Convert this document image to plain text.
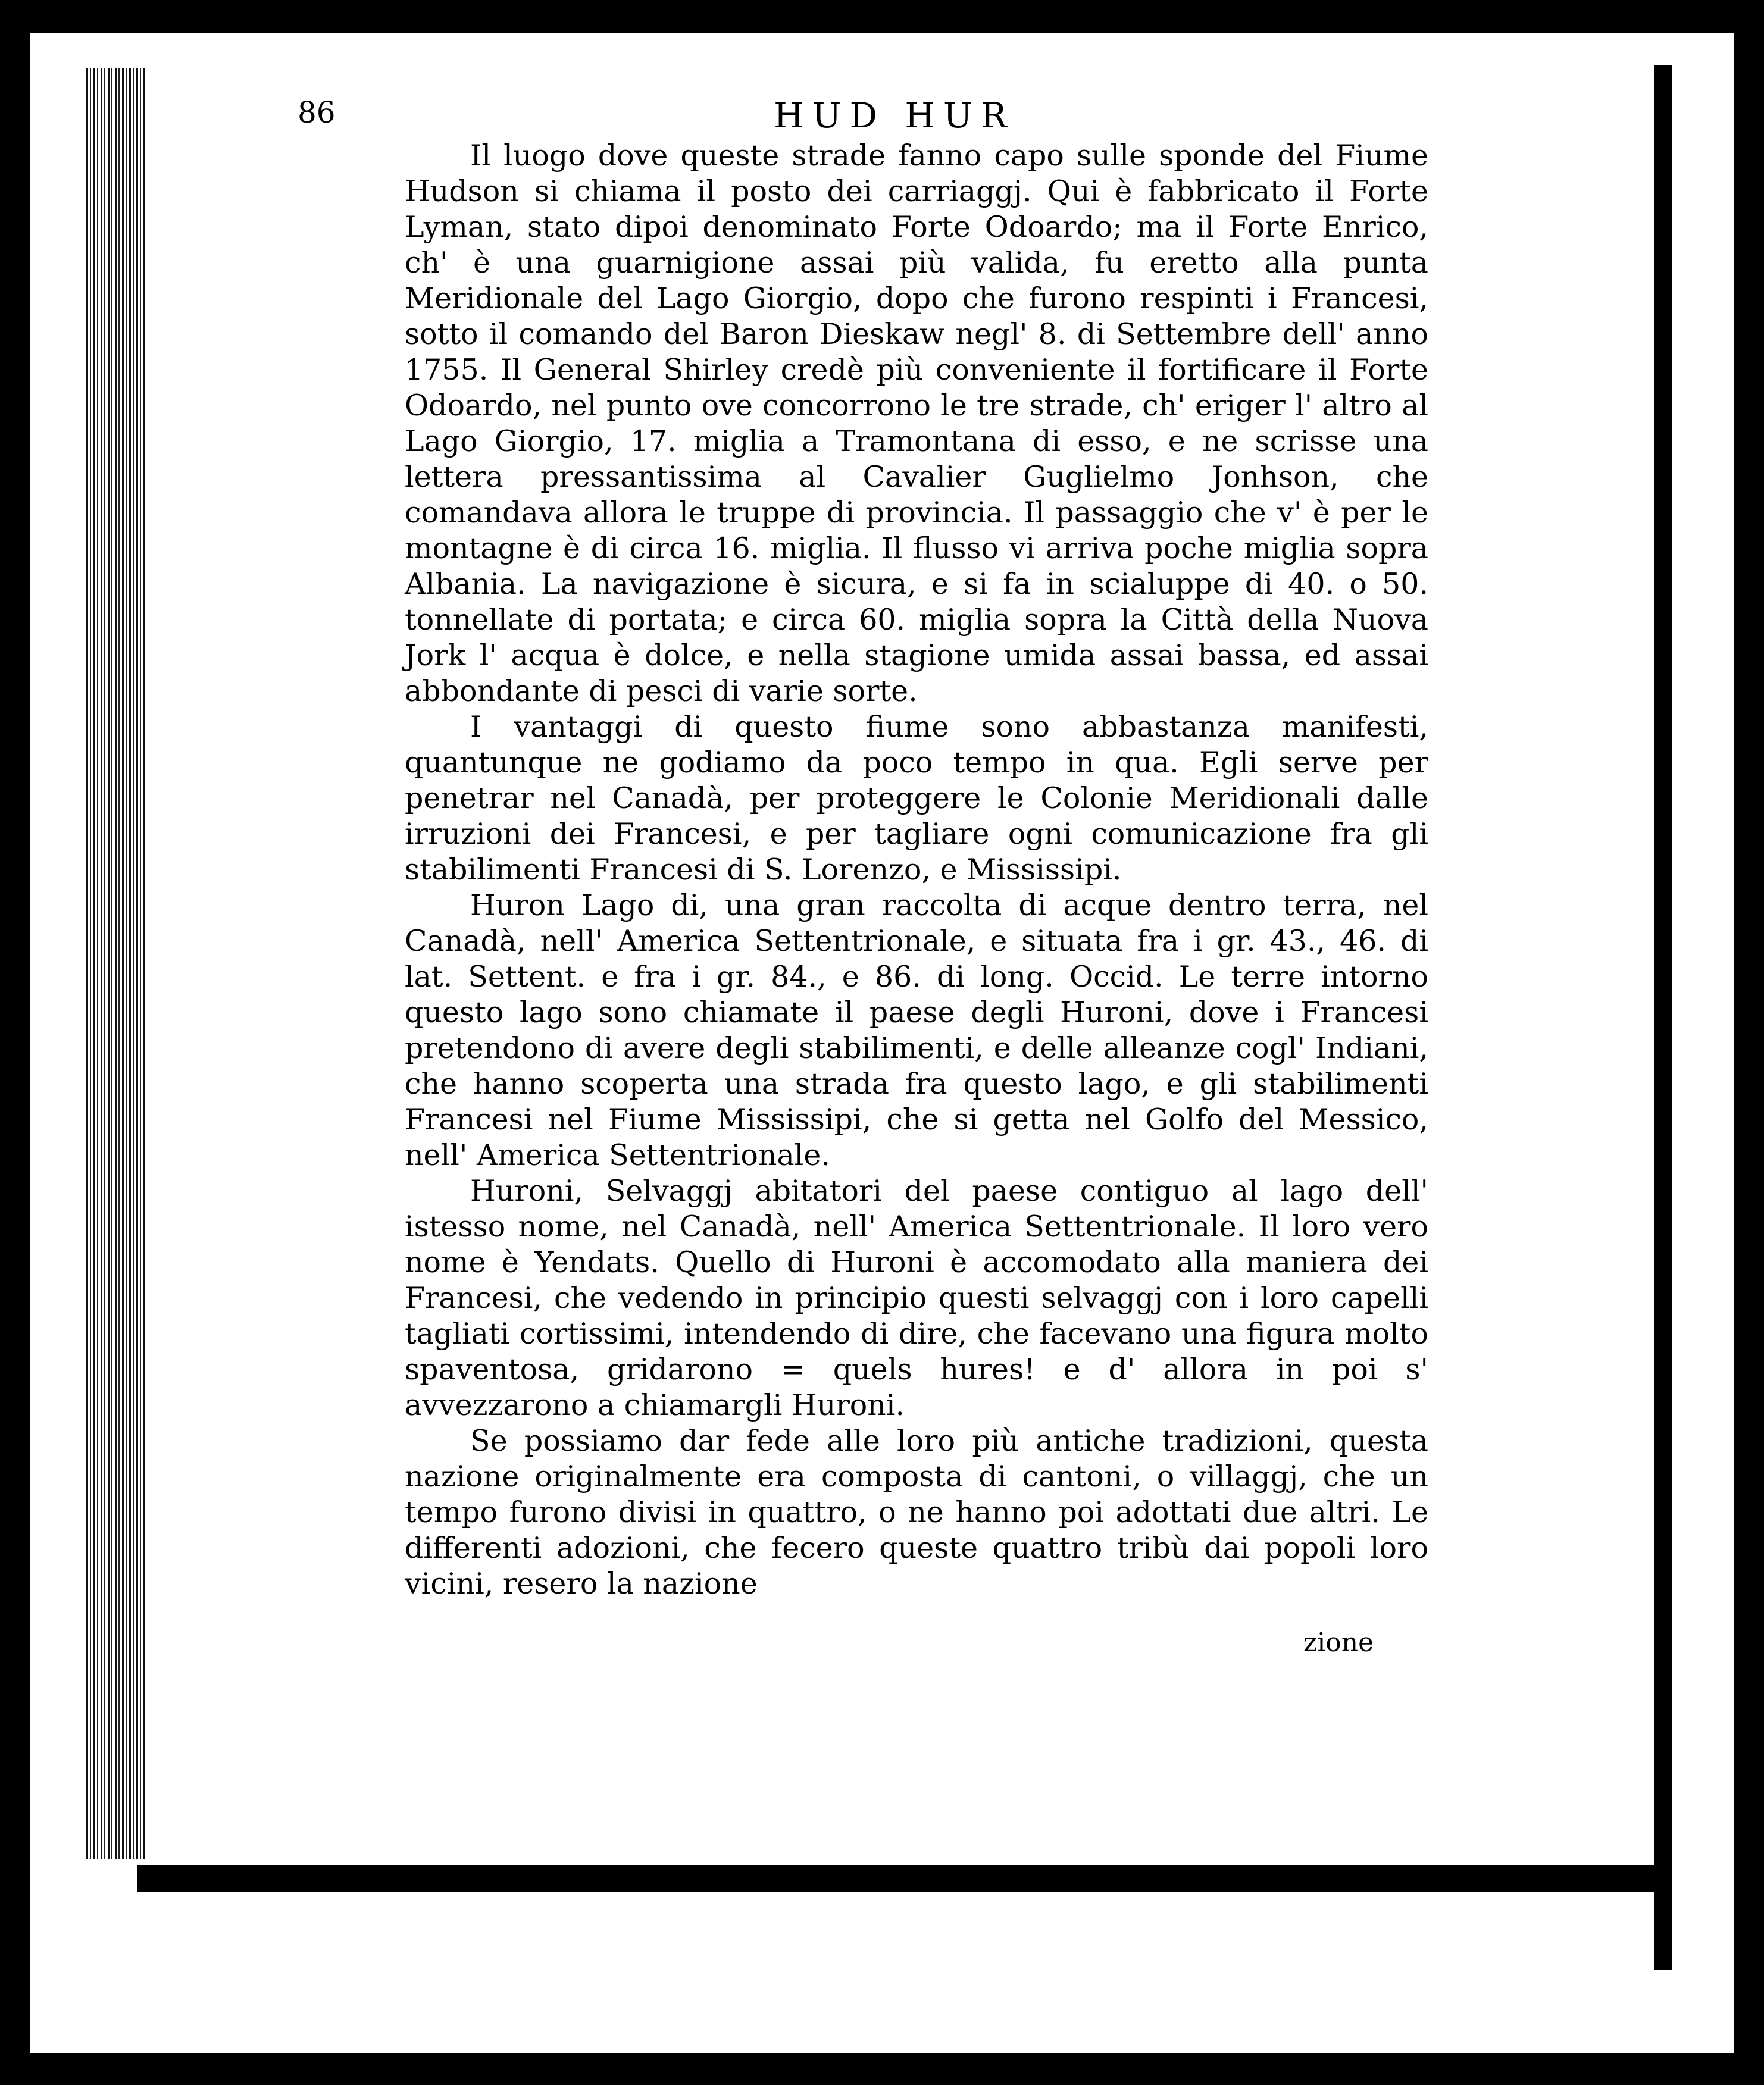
86	HUD HUR

Il luogo dove queste strade fanno capo sulle sponde del Fiume Hudson si chiama il posto dei carriaggj. Qui è fabbricato il Forte Lyman, stato dipoi denominato Forte Odoardo; ma il Forte Enrico, ch' è una guarnigione assai più valida, fu eretto alla punta Meridionale del Lago Giorgio, dopo che furono respinti i Francesi, sotto il comando del Baron Dieskaw negl' 8. di Settembre dell' anno 1755. Il General Shirley credè più conveniente il fortificare il Forte Odoardo, nel punto ove concorrono le tre strade, ch' eriger l' altro al Lago Giorgio, 17. miglia a Tramontana di esso, e ne scrisse una lettera pressantissima al Cavalier Guglielmo Jonhson, che comandava allora le truppe di provincia. Il passaggio che v' è per le montagne è di circa 16. miglia. Il flusso vi arriva poche miglia sopra Albania. La navigazione è sicura, e si fa in scialuppe di 40. o 50. tonnellate di portata; e circa 60. miglia sopra la Città della Nuova Jork l' acqua è dolce, e nella stagione umida assai bassa, ed assai abbondante di pesci di varie sorte.

I vantaggi di questo fiume sono abbastanza manifesti, quantunque ne godiamo da poco tempo in qua. Egli serve per penetrar nel Canadà, per proteggere le Colonie Meridionali dalle irruzioni dei Francesi, e per tagliare ogni comunicazione fra gli stabilimenti Francesi di S. Lorenzo, e Mississipi.

Huron Lago di, una gran raccolta di acque dentro terra, nel Canadà, nell' America Settentrionale, e situata fra i gr. 43., 46. di lat. Settent. e fra i gr. 84., e 86. di long. Occid. Le terre intorno questo lago sono chiamate il paese degli Huroni, dove i Francesi pretendono di avere degli stabilimenti, e delle alleanze cogl' Indiani, che hanno scoperta una strada fra questo lago, e gli stabilimenti Francesi nel Fiume Mississipi, che si getta nel Golfo del Messico, nell' America Settentrionale.

Huroni, Selvaggj abitatori del paese contiguo al lago dell' istesso nome, nel Canadà, nell' America Settentrionale. Il loro vero nome è Yendats. Quello di Huroni è accomodato alla maniera dei Francesi, che vedendo in principio questi selvaggj con i loro capelli tagliati cortissimi, intendendo di dire, che facevano una figura molto spaventosa, gridarono = quels hures! e d' allora in poi s' avvezzarono a chiamargli Huroni.

Se possiamo dar fede alle loro più antiche tradizioni, questa nazione originalmente era composta di cantoni, o villaggj, che un tempo furono divisi in quattro, o ne hanno poi adottati due altri. Le differenti adozioni, che fecero queste quattro tribù dai popoli loro vicini, resero la nazione

zione
